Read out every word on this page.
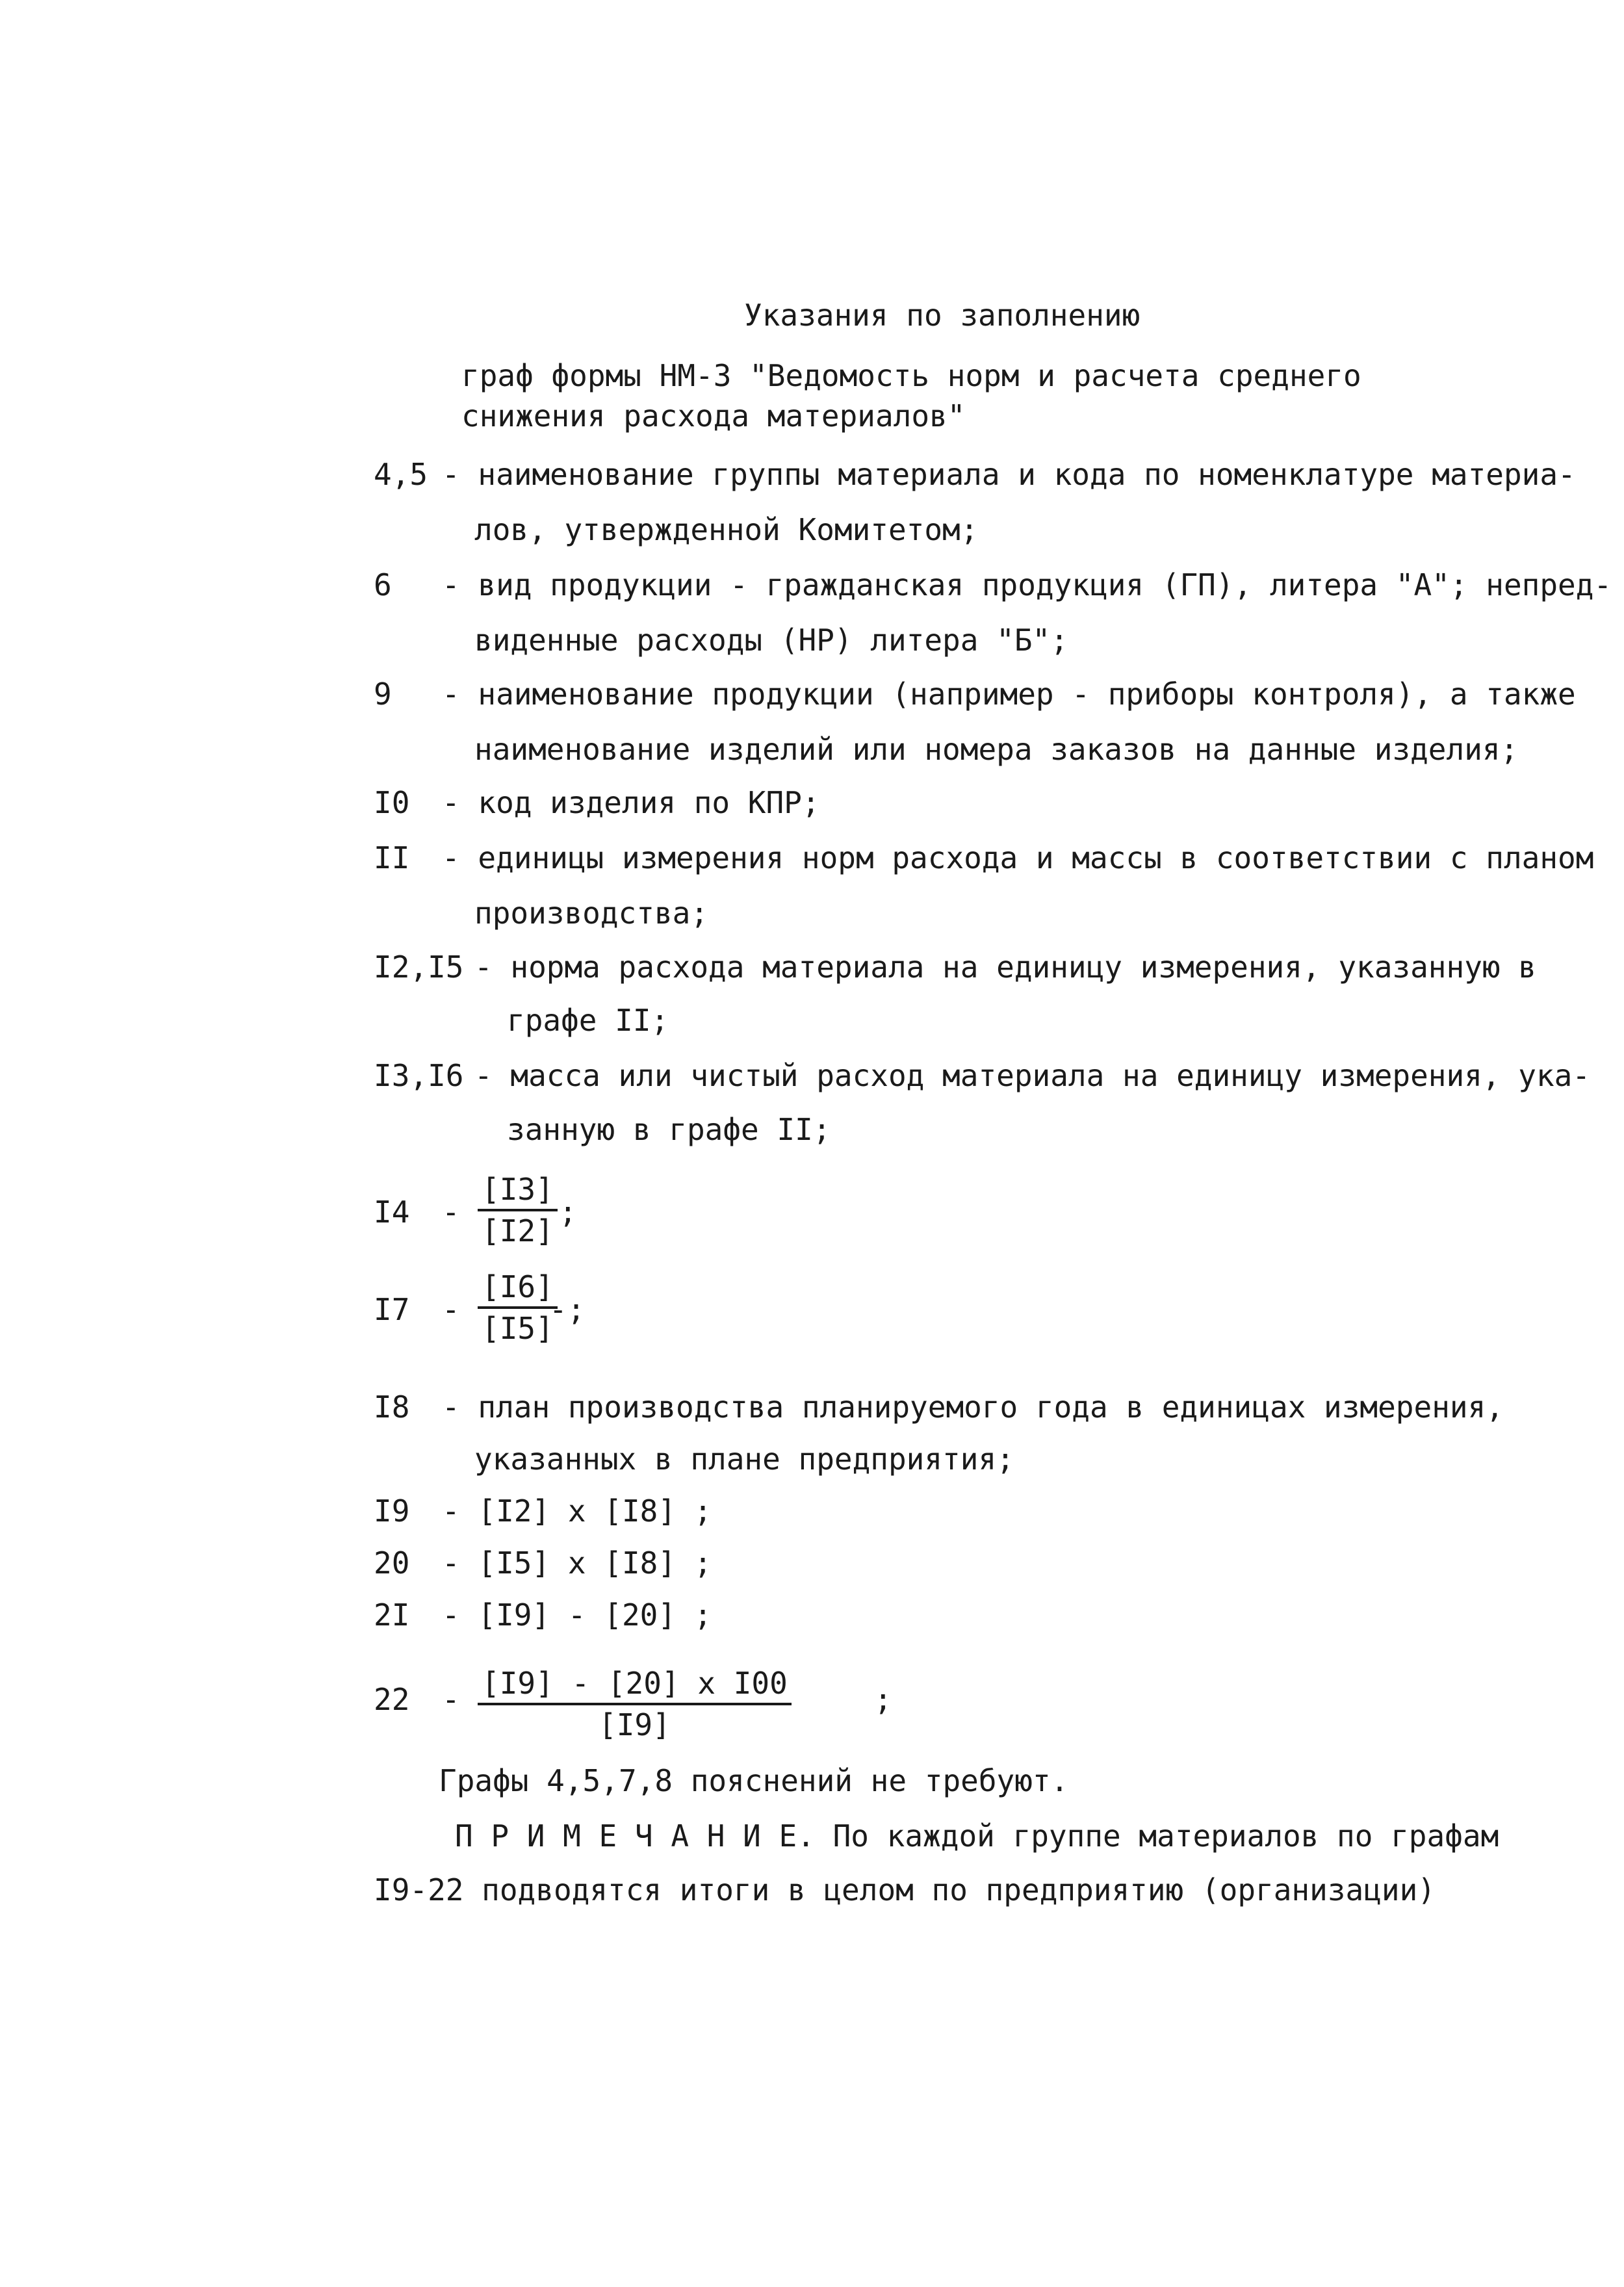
Указания по заполнению
граф формы НМ-3 "Ведомость норм и расчета среднего
снижения расхода материалов"
4,5 - наименование группы материала и кода по номенклатуре материа-
лов, утвержденной Комитетом;
6 - вид продукции - гражданская продукция (ГП), литера "А"; непред-
виденные расходы (НР) литера "Б";
9 - наименование продукции (например - приборы контроля), а также
наименование изделий или номера заказов на данные изделия;
I0 - код изделия по КПР;
II - единицы измерения норм расхода и массы в соответствии с планом
производства;
I2,I5 - норма расхода материала на единицу измерения, указанную в
графе II;
I3,I6 - масса или чистый расход материала на единицу измерения, ука-
занную в графе II;
$I4 - \frac{[I3]}{[I2]}$ ;
$I7 - \frac{[I6]}{[I5]}$
-;
I8 - план производства планируемого года в единицах измерения,
указанных в плане предприятия;
I9 - [I2] x [I8] ;
20 - [I5] x [I8] ;
2I - [I9] - [20] ;
$22 - \frac{\text{[I9] - [20] x I00}}{[I9]}$	;
Графы 4,5,7,8 пояснений не требуют.
П Р И М Е Ч А Н И Е. По каждой группе материалов по графам
I9-22 подводятся итоги в целом по предприятию (организации)
